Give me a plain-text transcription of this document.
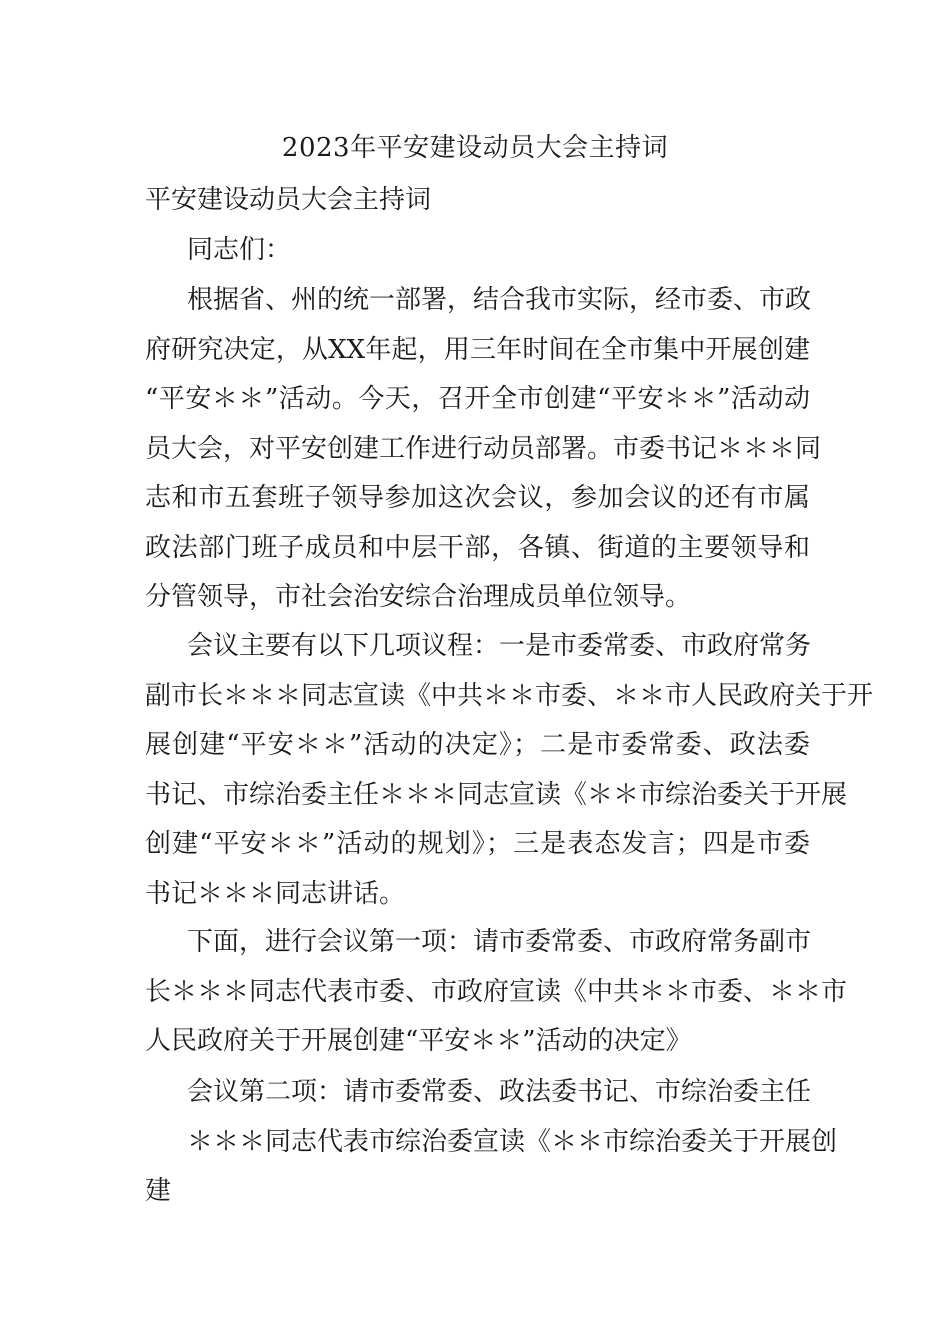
2023年平安建设动员大会主持词
平安建设动员大会主持词
同志们：
根据省、州的统一部署，结合我市实际，经市委、市政
府研究决定，从XX年起，用三年时间在全市集中开展创建
“平安＊＊”活动。今天，召开全市创建“平安＊＊”活动动
员大会，对平安创建工作进行动员部署。市委书记＊＊＊同
志和市五套班子领导参加这次会议，参加会议的还有市属
政法部门班子成员和中层干部，各镇、街道的主要领导和
分管领导，市社会治安综合治理成员单位领导。
会议主要有以下几项议程：一是市委常委、市政府常务
副市长＊＊＊同志宣读《中共＊＊市委、＊＊市人民政府关于开
展创建“平安＊＊”活动的决定》；二是市委常委、政法委
书记、市综治委主任＊＊＊同志宣读《＊＊市综治委关于开展
创建“平安＊＊”活动的规划》；三是表态发言；四是市委
书记＊＊＊同志讲话。
下面，进行会议第一项：请市委常委、市政府常务副市
长＊＊＊同志代表市委、市政府宣读《中共＊＊市委、＊＊市
人民政府关于开展创建“平安＊＊”活动的决定》
会议第二项：请市委常委、政法委书记、市综治委主任
＊＊＊同志代表市综治委宣读《＊＊市综治委关于开展创
建
